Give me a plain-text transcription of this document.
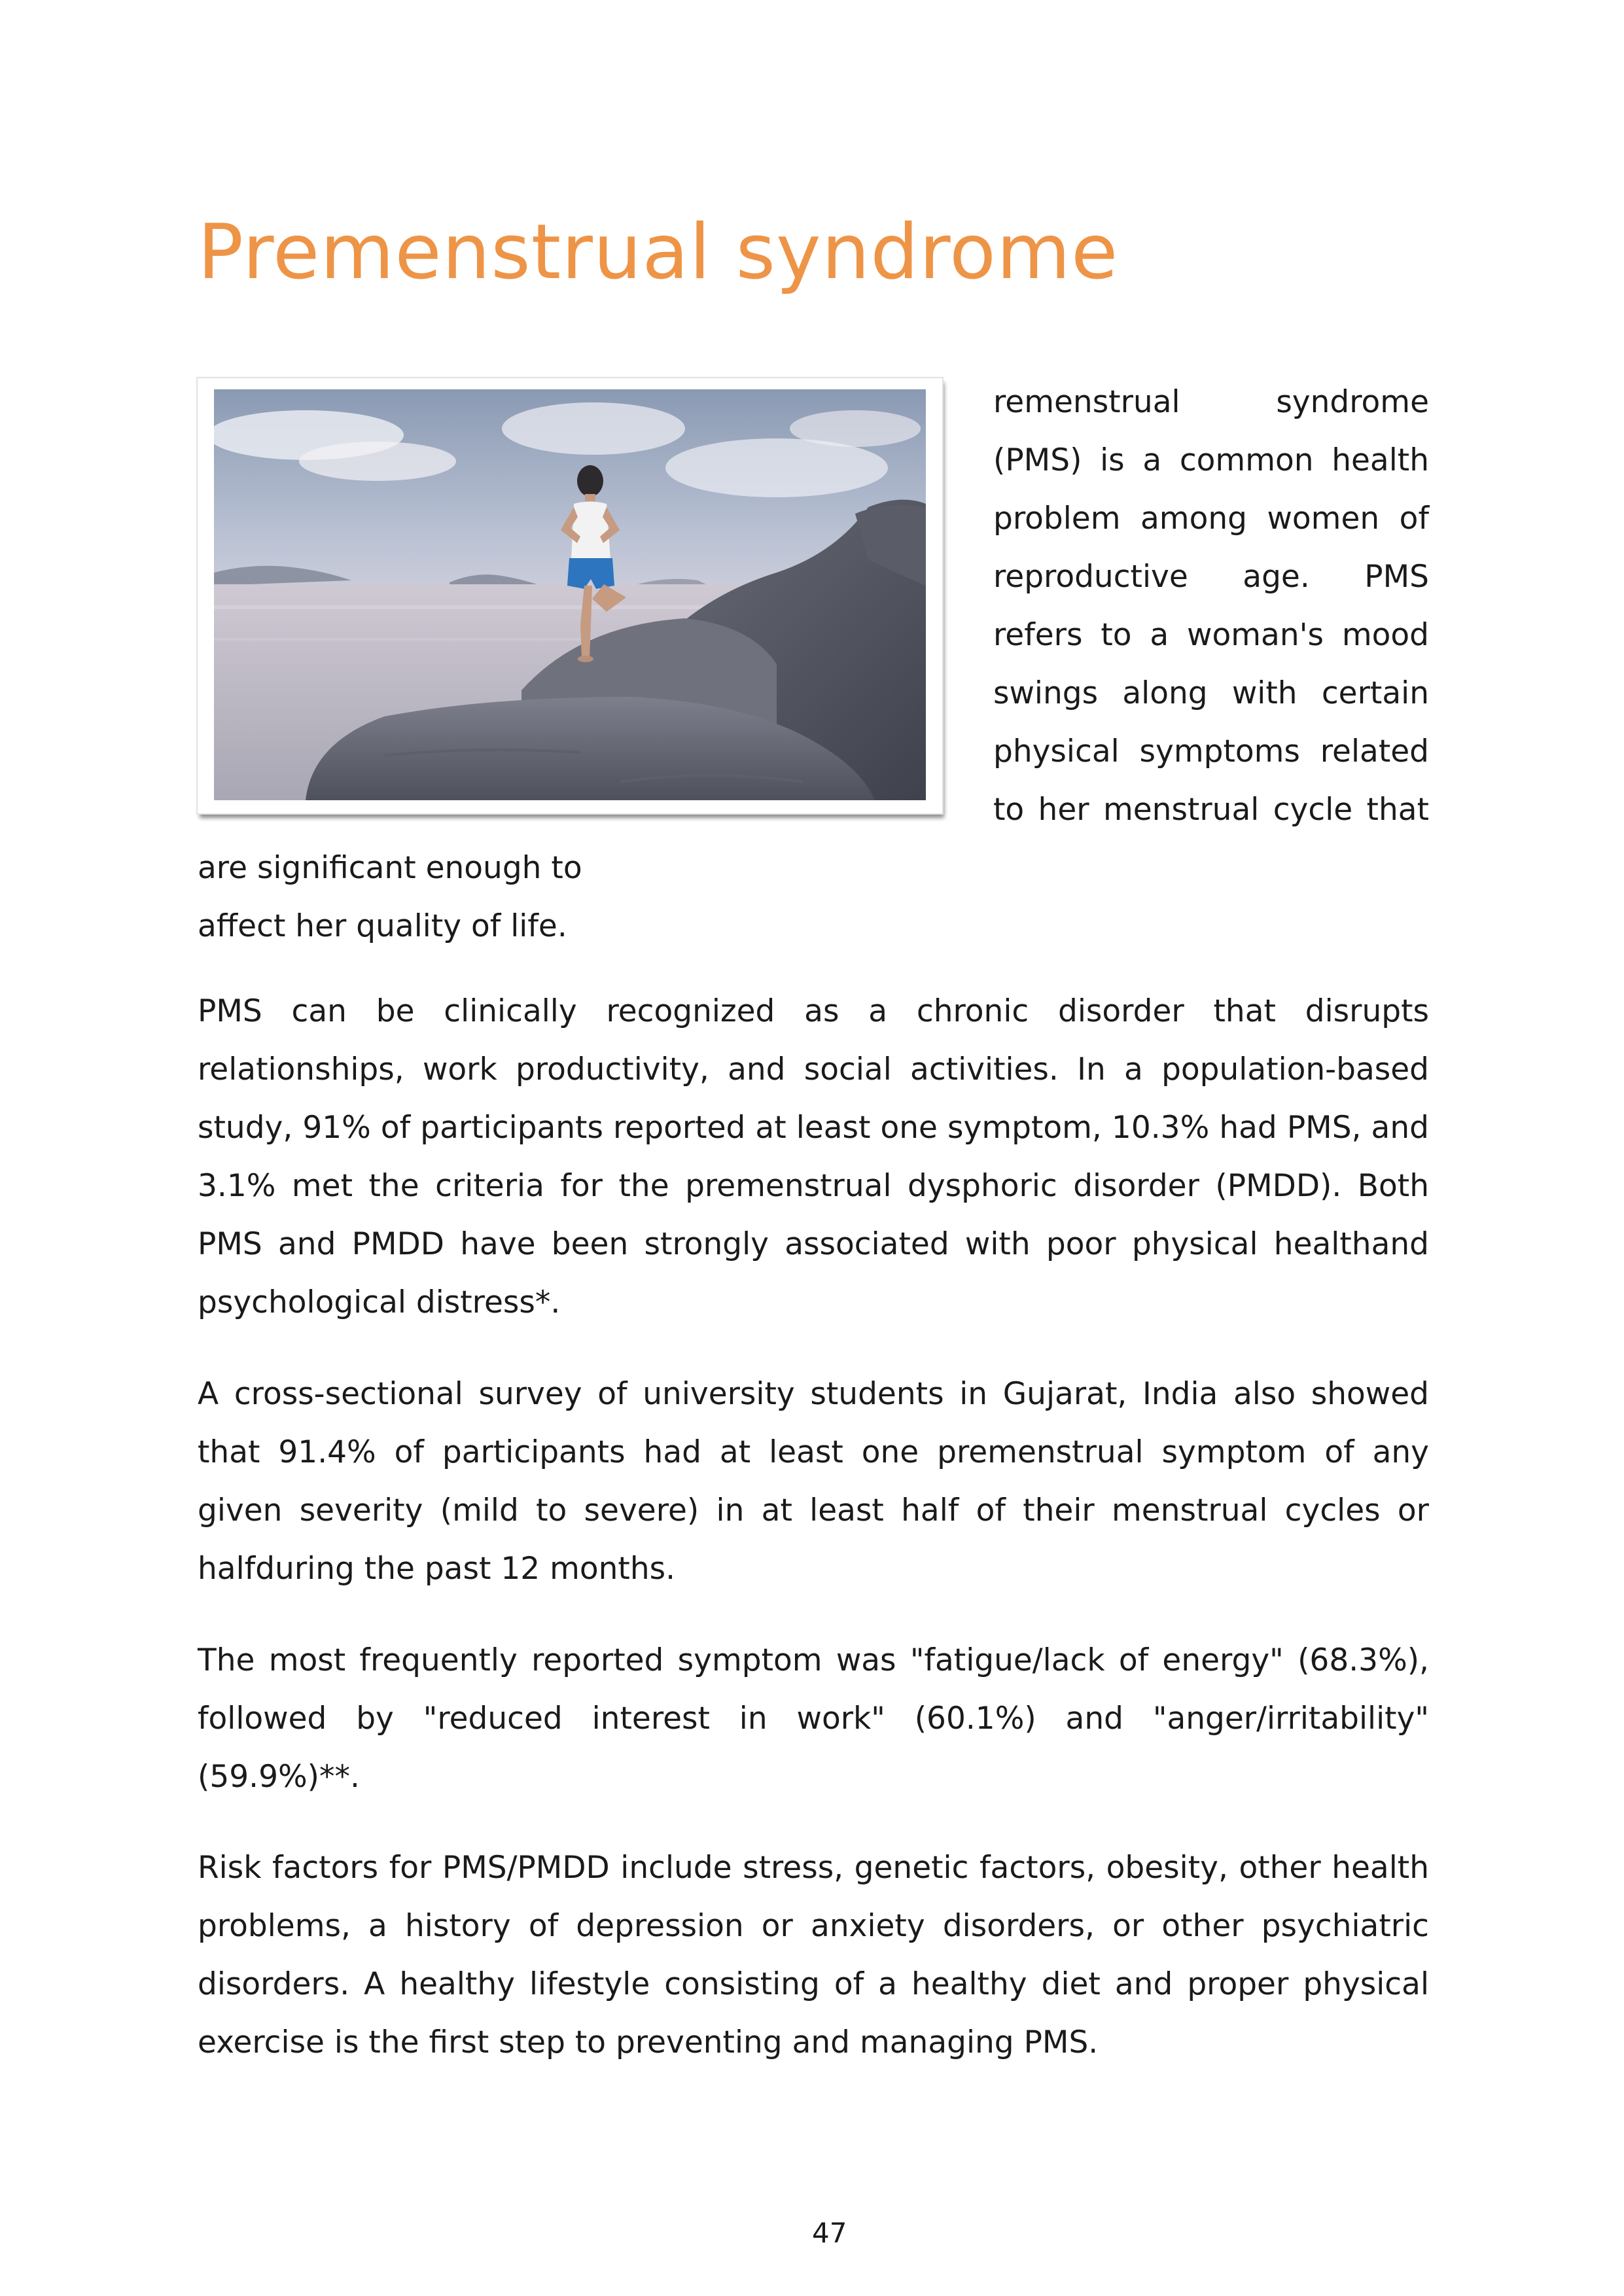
Premenstrual syndrome
remenstrual syndrome
(PMS) is a common health
problem among women of
reproductive age. PMS
refers to a woman's mood
swings along with certain
physical symptoms related
to her menstrual cycle that
are significant enough to
affect her quality of life.

PMS can be clinically recognized as a chronic disorder that disrupts relationships, work productivity, and social activities. In a population-based study, 91% of participants reported at least one symptom, 10.3% had PMS, and 3.1% met the criteria for the premenstrual dysphoric disorder (PMDD). Both PMS and PMDD have been strongly associated with poor physical healthand psychological distress*.

A cross-sectional survey of university students in Gujarat, India also showed that 91.4% of participants had at least one premenstrual symptom of any given severity (mild to severe) in at least half of their menstrual cycles or halfduring the past 12 months.

The most frequently reported symptom was "fatigue/lack of energy" (68.3%), followed by "reduced interest in work" (60.1%) and "anger/irritability" (59.9%)**.

Risk factors for PMS/PMDD include stress, genetic factors, obesity, other health problems, a history of depression or anxiety disorders, or other psychiatric disorders. A healthy lifestyle consisting of a healthy diet and proper physical exercise is the first step to preventing and managing PMS.

47
